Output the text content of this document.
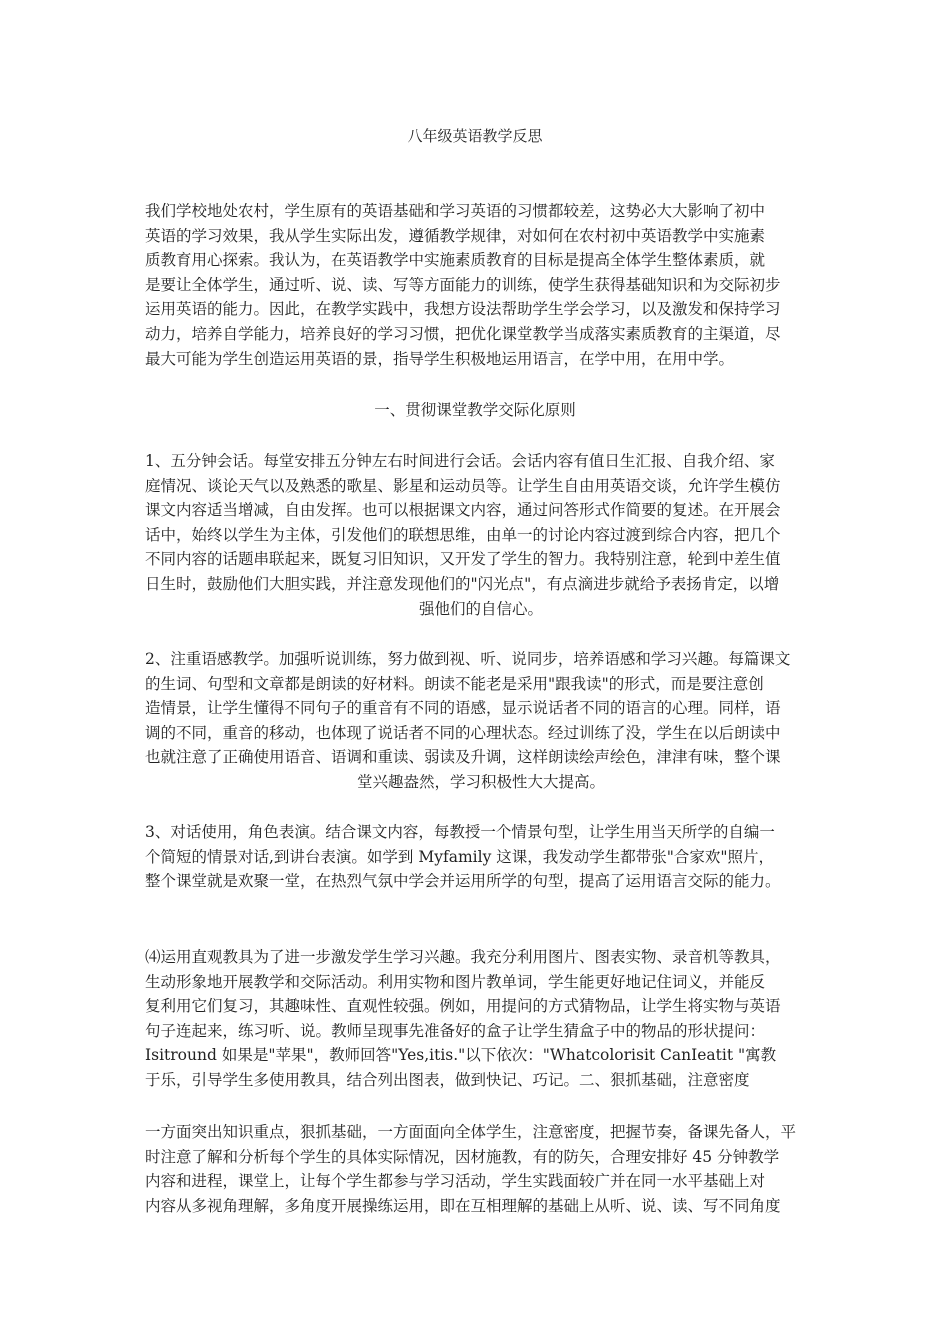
八年级英语教学反思
我们学校地处农村，学生原有的英语基础和学习英语的习惯都较差，这势必大大影响了初中
英语的学习效果，我从学生实际出发，遵循教学规律，对如何在农村初中英语教学中实施素
质教育用心探索。我认为，在英语教学中实施素质教育的目标是提高全体学生整体素质，就
是要让全体学生，通过听、说、读、写等方面能力的训练，使学生获得基础知识和为交际初步
运用英语的能力。因此，在教学实践中，我想方设法帮助学生学会学习，以及激发和保持学习
动力，培养自学能力，培养良好的学习习惯，把优化课堂教学当成落实素质教育的主渠道，尽
最大可能为学生创造运用英语的景，指导学生积极地运用语言，在学中用，在用中学。
一、贯彻课堂教学交际化原则
1、五分钟会话。每堂安排五分钟左右时间进行会话。会话内容有值日生汇报、自我介绍、家
庭情况、谈论天气以及熟悉的歌星、影星和运动员等。让学生自由用英语交谈，允许学生模仿
课文内容适当增减，自由发挥。也可以根据课文内容，通过问答形式作简要的复述。在开展会
话中，始终以学生为主体，引发他们的联想思维，由单一的讨论内容过渡到综合内容，把几个
不同内容的话题串联起来，既复习旧知识，又开发了学生的智力。我特别注意，轮到中差生值
日生时，鼓励他们大胆实践，并注意发现他们的"闪光点"，有点滴进步就给予表扬肯定，以增
强他们的自信心。
2、注重语感教学。加强听说训练，努力做到视、听、说同步，培养语感和学习兴趣。每篇课文
的生词、句型和文章都是朗读的好材料。朗读不能老是采用"跟我读"的形式，而是要注意创
造情景，让学生懂得不同句子的重音有不同的语感，显示说话者不同的语言的心理。同样，语
调的不同，重音的移动，也体现了说话者不同的心理状态。经过训练了没，学生在以后朗读中
也就注意了正确使用语音、语调和重读、弱读及升调，这样朗读绘声绘色，津津有味，整个课
堂兴趣盎然，学习积极性大大提高。
3、对话使用，角色表演。结合课文内容，每教授一个情景句型，让学生用当天所学的自编一
个简短的情景对话,到讲台表演。如学到 Myfamily 这课，我发动学生都带张"合家欢"照片，
整个课堂就是欢聚一堂，在热烈气氛中学会并运用所学的句型，提高了运用语言交际的能力。
⑷运用直观教具为了进一步激发学生学习兴趣。我充分利用图片、图表实物、录音机等教具，
生动形象地开展教学和交际活动。利用实物和图片教单词，学生能更好地记住词义，并能反
复利用它们复习，其趣味性、直观性较强。例如，用提问的方式猜物品，让学生将实物与英语
句子连起来，练习听、说。教师呈现事先准备好的盒子让学生猜盒子中的物品的形状提问：
Isitround 如果是"苹果"，教师回答"Yes,itis."以下依次："Whatcolorisit CanIeatit "寓教
于乐，引导学生多使用教具，结合列出图表，做到快记、巧记。二、狠抓基础，注意密度
一方面突出知识重点，狠抓基础，一方面面向全体学生，注意密度，把握节奏，备课先备人，平
时注意了解和分析每个学生的具体实际情况，因材施教，有的防矢，合理安排好 45 分钟教学
内容和进程，课堂上，让每个学生都参与学习活动，学生实践面较广并在同一水平基础上对
内容从多视角理解，多角度开展操练运用，即在互相理解的基础上从听、说、读、写不同角度
